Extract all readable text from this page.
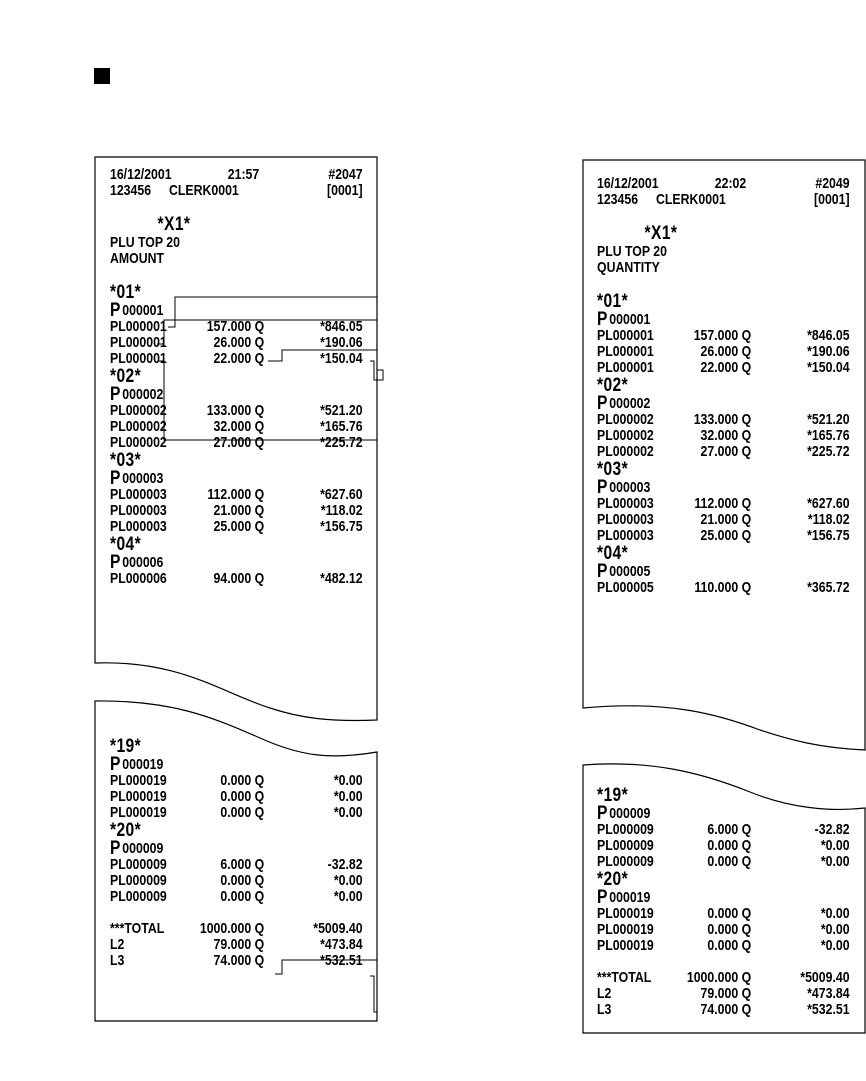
16/12/2001	21:57	#2047
123456 CLERK0001	[0001]
*X1*
PLU TOP 20
AMOUNT
*01*
P 000001
PL000001	157.000 Q	*846.05
PL000001	26.000 Q	*190.06
PL000001	22.000 Q	*150.04
*02*
P 000002
PL000002	133.000 Q	*521.20
PL000002	32.000 Q	*165.76
PL000002	27.000 Q	*225.72
*03*
P 000003
PL000003	112.000 Q	*627.60
PL000003	21.000 Q	*118.02
PL000003	25.000 Q	*156.75
*04*
P 000006
PL000006	94.000 Q	*482.12
*19*
P 000019
PL000019	0.000 Q	*0.00
PL000019	0.000 Q	*0.00
PL000019	0.000 Q	*0.00
*20*
P 000009
PL000009	6.000 Q	-32.82
PL000009	0.000 Q	*0.00
PL000009	0.000 Q	*0.00
***TOTAL 1000.000 Q	*5009.40
L2	79.000 Q	*473.84
L3	74.000 Q	*532.51
16/12/2001	22:02	#2049
123456 CLERK0001	[0001]
*X1*
PLU TOP 20
QUANTITY
*01*
P 000001
PL000001	157.000 Q	*846.05
PL000001	26.000 Q	*190.06
PL000001	22.000 Q	*150.04
*02*
P 000002
PL000002	133.000 Q	*521.20
PL000002	32.000 Q	*165.76
PL000002	27.000 Q	*225.72
*03*
P 000003
PL000003	112.000 Q	*627.60
PL000003	21.000 Q	*118.02
PL000003	25.000 Q	*156.75
*04*
P 000005
PL000005	110.000 Q	*365.72
*19*
P 000009
PL000009	6.000 Q	-32.82
PL000009	0.000 Q	*0.00
PL000009	0.000 Q	*0.00
*20*
P 000019
PL000019	0.000 Q	*0.00
PL000019	0.000 Q	*0.00
PL000019	0.000 Q	*0.00
***TOTAL 1000.000 Q	*5009.40
L2	79.000 Q	*473.84
L3	74.000 Q	*532.51
